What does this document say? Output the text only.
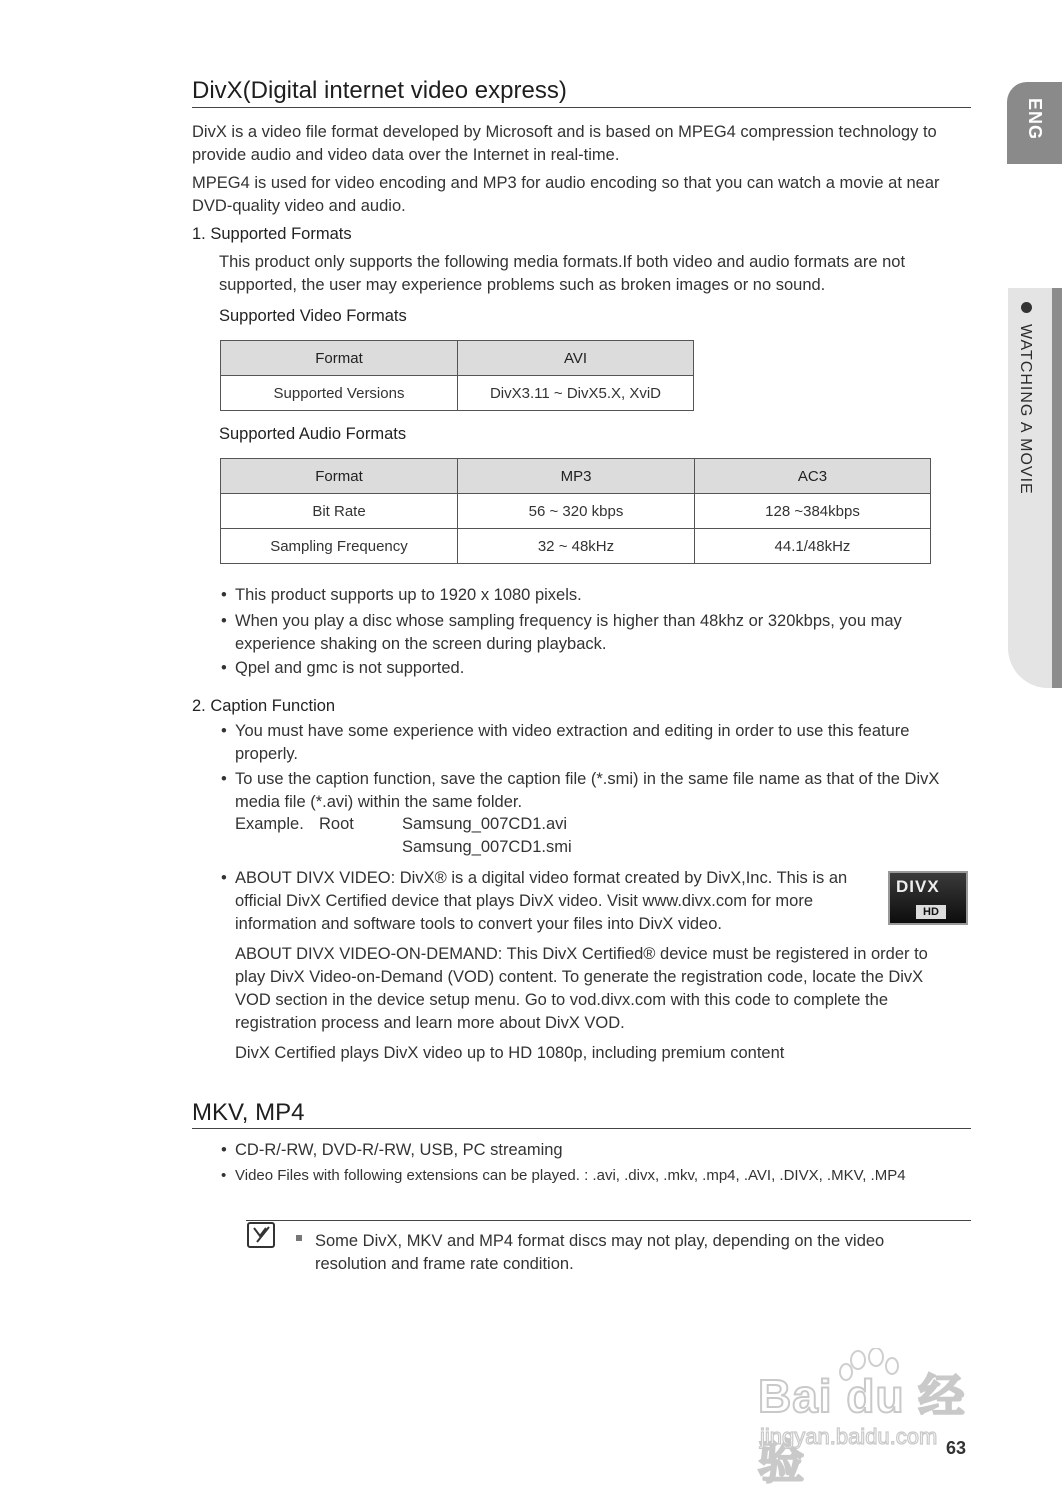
ENG
WATCHING A MOVIE
DivX(Digital internet video express)
DivX is a video file format developed by Microsoft and is based on MPEG4 compression technology to provide audio and video data over the Internet in real-time.
MPEG4 is used for video encoding and MP3 for audio encoding so that you can watch a movie at near DVD-quality video and audio.
1. Supported Formats
This product only supports the following media formats.If both video and audio formats are not supported, the user may experience problems such as broken images or no sound.
Supported Video Formats
Format	AVI
Supported Versions	DivX3.11 ~ DivX5.X, XviD
Supported Audio Formats
Format	MP3	AC3
Bit Rate	56 ~ 320 kbps	128 ~384kbps
Sampling Frequency	32 ~ 48kHz	44.1/48kHz
• This product supports up to 1920 x 1080 pixels.
• When you play a disc whose sampling frequency is higher than 48khz or 320kbps, you may experience shaking on the screen during playback.
• Qpel and gmc is not supported.
2. Caption Function
• You must have some experience with video extraction and editing in order to use this feature properly.
• To use the caption function, save the caption file (*.smi) in the same file name as that of the DivX media file (*.avi) within the same folder.
Example. Root	Samsung_007CD1.avi
Samsung_007CD1.smi
• ABOUT DIVX VIDEO: DivX® is a digital video format created by DivX,Inc. This is an official DivX Certified device that plays DivX video. Visit www.divx.com for more information and software tools to convert your files into DivX video.
DIVX
HD
ABOUT DIVX VIDEO-ON-DEMAND: This DivX Certified® device must be registered in order to play DivX Video-on-Demand (VOD) content. To generate the registration code, locate the DivX VOD section in the device setup menu. Go to vod.divx.com with this code to complete the registration process and learn more about DivX VOD.
DivX Certified plays DivX video up to HD 1080p, including premium content
MKV, MP4
• CD-R/-RW, DVD-R/-RW, USB, PC streaming
• Video Files with following extensions can be played. : .avi, .divx, .mkv, .mp4, .AVI, .DIVX, .MKV, .MP4
Some DivX, MKV and MP4 format discs may not play, depending on the video resolution and frame rate condition.
Bai du 经验
jingyan.baidu.com 63
